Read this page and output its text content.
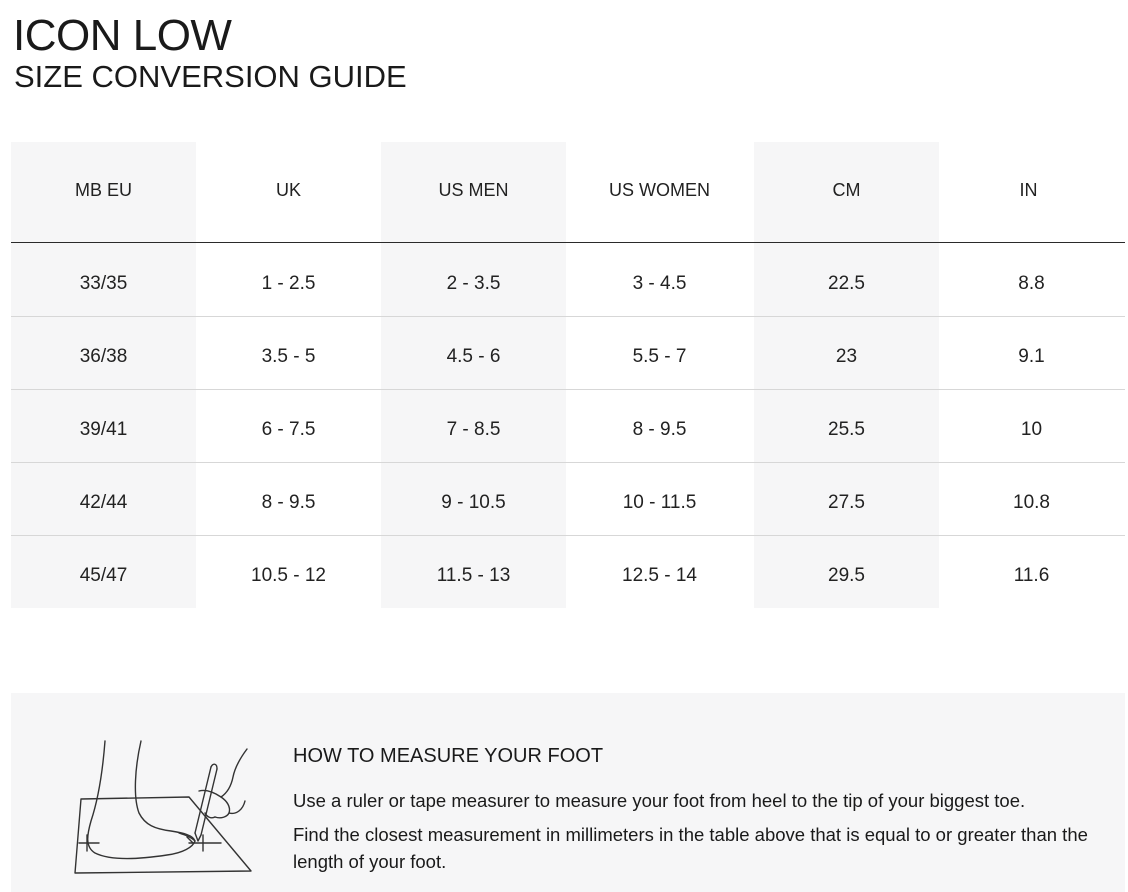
ICON LOW
SIZE CONVERSION GUIDE
MB EU	UK	US MEN	US WOMEN	CM	IN
33/35	1 - 2.5	2 - 3.5	3 - 4.5	22.5	8.8
36/38	3.5 - 5	4.5 - 6	5.5 - 7	23	9.1
39/41	6 - 7.5	7 - 8.5	8 - 9.5	25.5	10
42/44	8 - 9.5	9 - 10.5	10 - 11.5	27.5	10.8
45/47	10.5 - 12	11.5 - 13	12.5 - 14	29.5	11.6
HOW TO MEASURE YOUR FOOT

Use a ruler or tape measurer to measure your foot from heel to the tip of your biggest toe.

Find the closest measurement in millimeters in the table above that is equal to or greater than the length of your foot.
